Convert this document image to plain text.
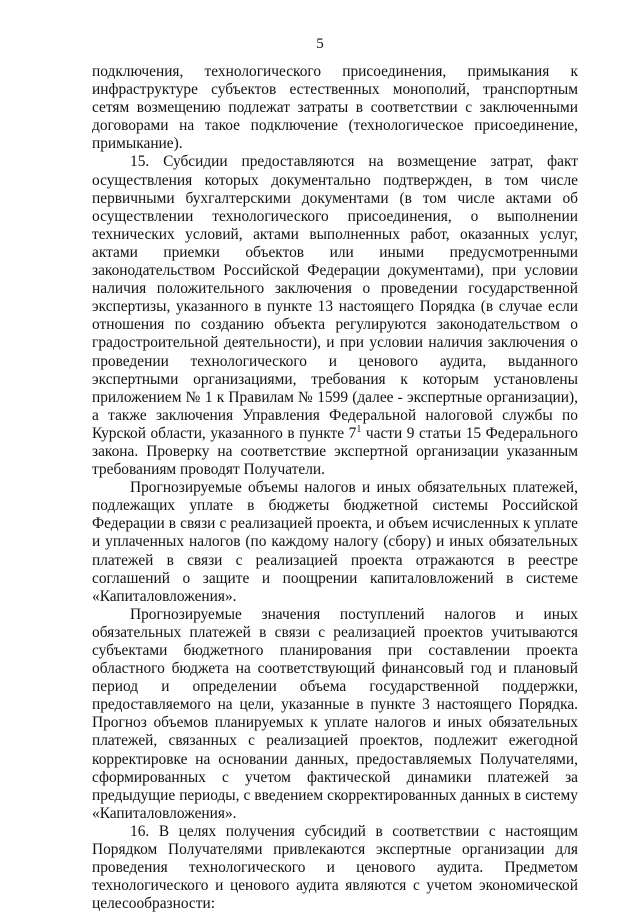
5

подключения, технологического присоединения, примыкания к инфраструктуре субъектов естественных монополий, транспортным сетям возмещению подлежат затраты в соответствии с заключенными договорами на такое подключение (технологическое присоединение, примыкание).

15. Субсидии предоставляются на возмещение затрат, факт осуществления которых документально подтвержден, в том числе первичными бухгалтерскими документами (в том числе актами об осуществлении технологического присоединения, о выполнении технических условий, актами выполненных работ, оказанных услуг, актами приемки объектов или иными предусмотренными законодательством Российской Федерации документами), при условии наличия положительного заключения о проведении государственной экспертизы, указанного в пункте 13 настоящего Порядка (в случае если отношения по созданию объекта регулируются законодательством о градостроительной деятельности), и при условии наличия заключения о проведении технологического и ценового аудита, выданного экспертными организациями, требования к которым установлены приложением № 1 к Правилам № 1599 (далее - экспертные организации), а также заключения Управления Федеральной налоговой службы по Курской области, указанного в пункте $7^1$ части 9 статьи 15 Федерального закона. Проверку на соответствие экспертной организации указанным требованиям проводят Получатели.

Прогнозируемые объемы налогов и иных обязательных платежей, подлежащих уплате в бюджеты бюджетной системы Российской Федерации в связи с реализацией проекта, и объем исчисленных к уплате и уплаченных налогов (по каждому налогу (сбору) и иных обязательных платежей в связи с реализацией проекта отражаются в реестре соглашений о защите и поощрении капиталовложений в системе «Капиталовложения».

Прогнозируемые значения поступлений налогов и иных обязательных платежей в связи с реализацией проектов учитываются субъектами бюджетного планирования при составлении проекта областного бюджета на соответствующий финансовый год и плановый период и определении объема государственной поддержки, предоставляемого на цели, указанные в пункте 3 настоящего Порядка. Прогноз объемов планируемых к уплате налогов и иных обязательных платежей, связанных с реализацией проектов, подлежит ежегодной корректировке на основании данных, предоставляемых Получателями, сформированных с учетом фактической динамики платежей за предыдущие периоды, с введением скорректированных данных в систему «Капиталовложения».

16. В целях получения субсидий в соответствии с настоящим Порядком Получателями привлекаются экспертные организации для проведения технологического и ценового аудита. Предметом технологического и ценового аудита являются с учетом экономической целесообразности:
